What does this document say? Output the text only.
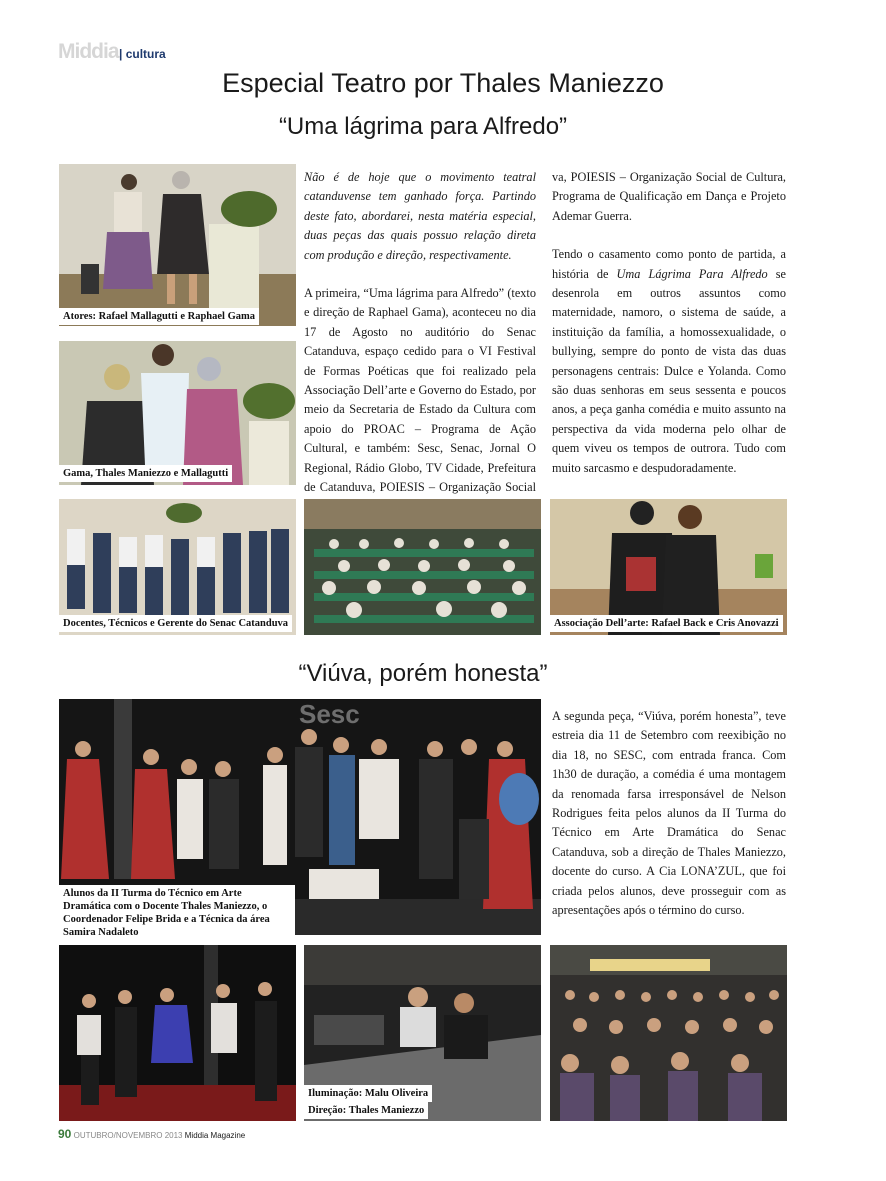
Middia | cultura
Especial Teatro por Thales Maniezzo
“Uma lágrima para Alfredo”
Atores: Rafael Mallagutti e Raphael Gama
Gama, Thales Maniezzo e Mallagutti

Não é de hoje que o movimento teatral catanduvense tem ganhado força. Partindo deste fato, abordarei, nesta matéria especial, duas peças das quais possuo relação direta com produção e direção, respectivamente.

A primeira, “Uma lágrima para Alfredo” (texto e direção de Raphael Gama), aconteceu no dia 17 de Agosto no auditório do Senac Catanduva, espaço cedido para o VI Festival de Formas Poéticas que foi realizado pela Associação Dell’arte e Governo do Estado, por meio da Secretaria de Estado da Cultura com apoio do PROAC – Programa de Ação Cultural, e também: Sesc, Senac, Jornal O Regional, Rádio Globo, TV Cidade, Prefeitura de Catanduva, POIESIS – Organização Social

va, POIESIS – Organização Social de Cultura, Programa de Qualificação em Dança e Projeto Ademar Guerra.

Tendo o casamento como ponto de partida, a história de Uma Lágrima Para Alfredo se desenrola em outros assuntos como maternidade, namoro, o sistema de saúde, a instituição da família, a homossexualidade, o bullying, sempre do ponto de vista das duas personagens centrais: Dulce e Yolanda. Como são duas senhoras em seus sessenta e poucos anos, a peça ganha comédia e muito assunto na perspectiva da vida moderna pelo olhar de quem viveu os tempos de outrora. Tudo com muito sarcasmo e despudoradamente.

Docentes, Técnicos e Gerente do Senac Catanduva	Associação Dell’arte: Rafael Back e Cris Anovazzi
“Viúva, porém honesta”
Sesc
Alunos da II Turma do Técnico em Arte Dramática com o Docente Thales Maniezzo, o Coordenador Felipe Brida e a Técnica da área Samira Nadaleto

A segunda peça, “Viúva, porém honesta”, teve estreia dia 11 de Setembro com reexibição no dia 18, no SESC, com entrada franca. Com 1h30 de duração, a comédia é uma montagem da renomada farsa irresponsável de Nelson Rodrigues feita pelos alunos da II Turma do Técnico em Arte Dramática do Senac Catanduva, sob a direção de Thales Maniezzo, docente do curso. A Cia LONA’ZUL, que foi criada pelos alunos, deve prosseguir com as apresentações após o término do curso.

Iluminação: Malu Oliveira
Direção: Thales Maniezzo
90 OUTUBRO/NOVEMBRO 2013 Middia Magazine
